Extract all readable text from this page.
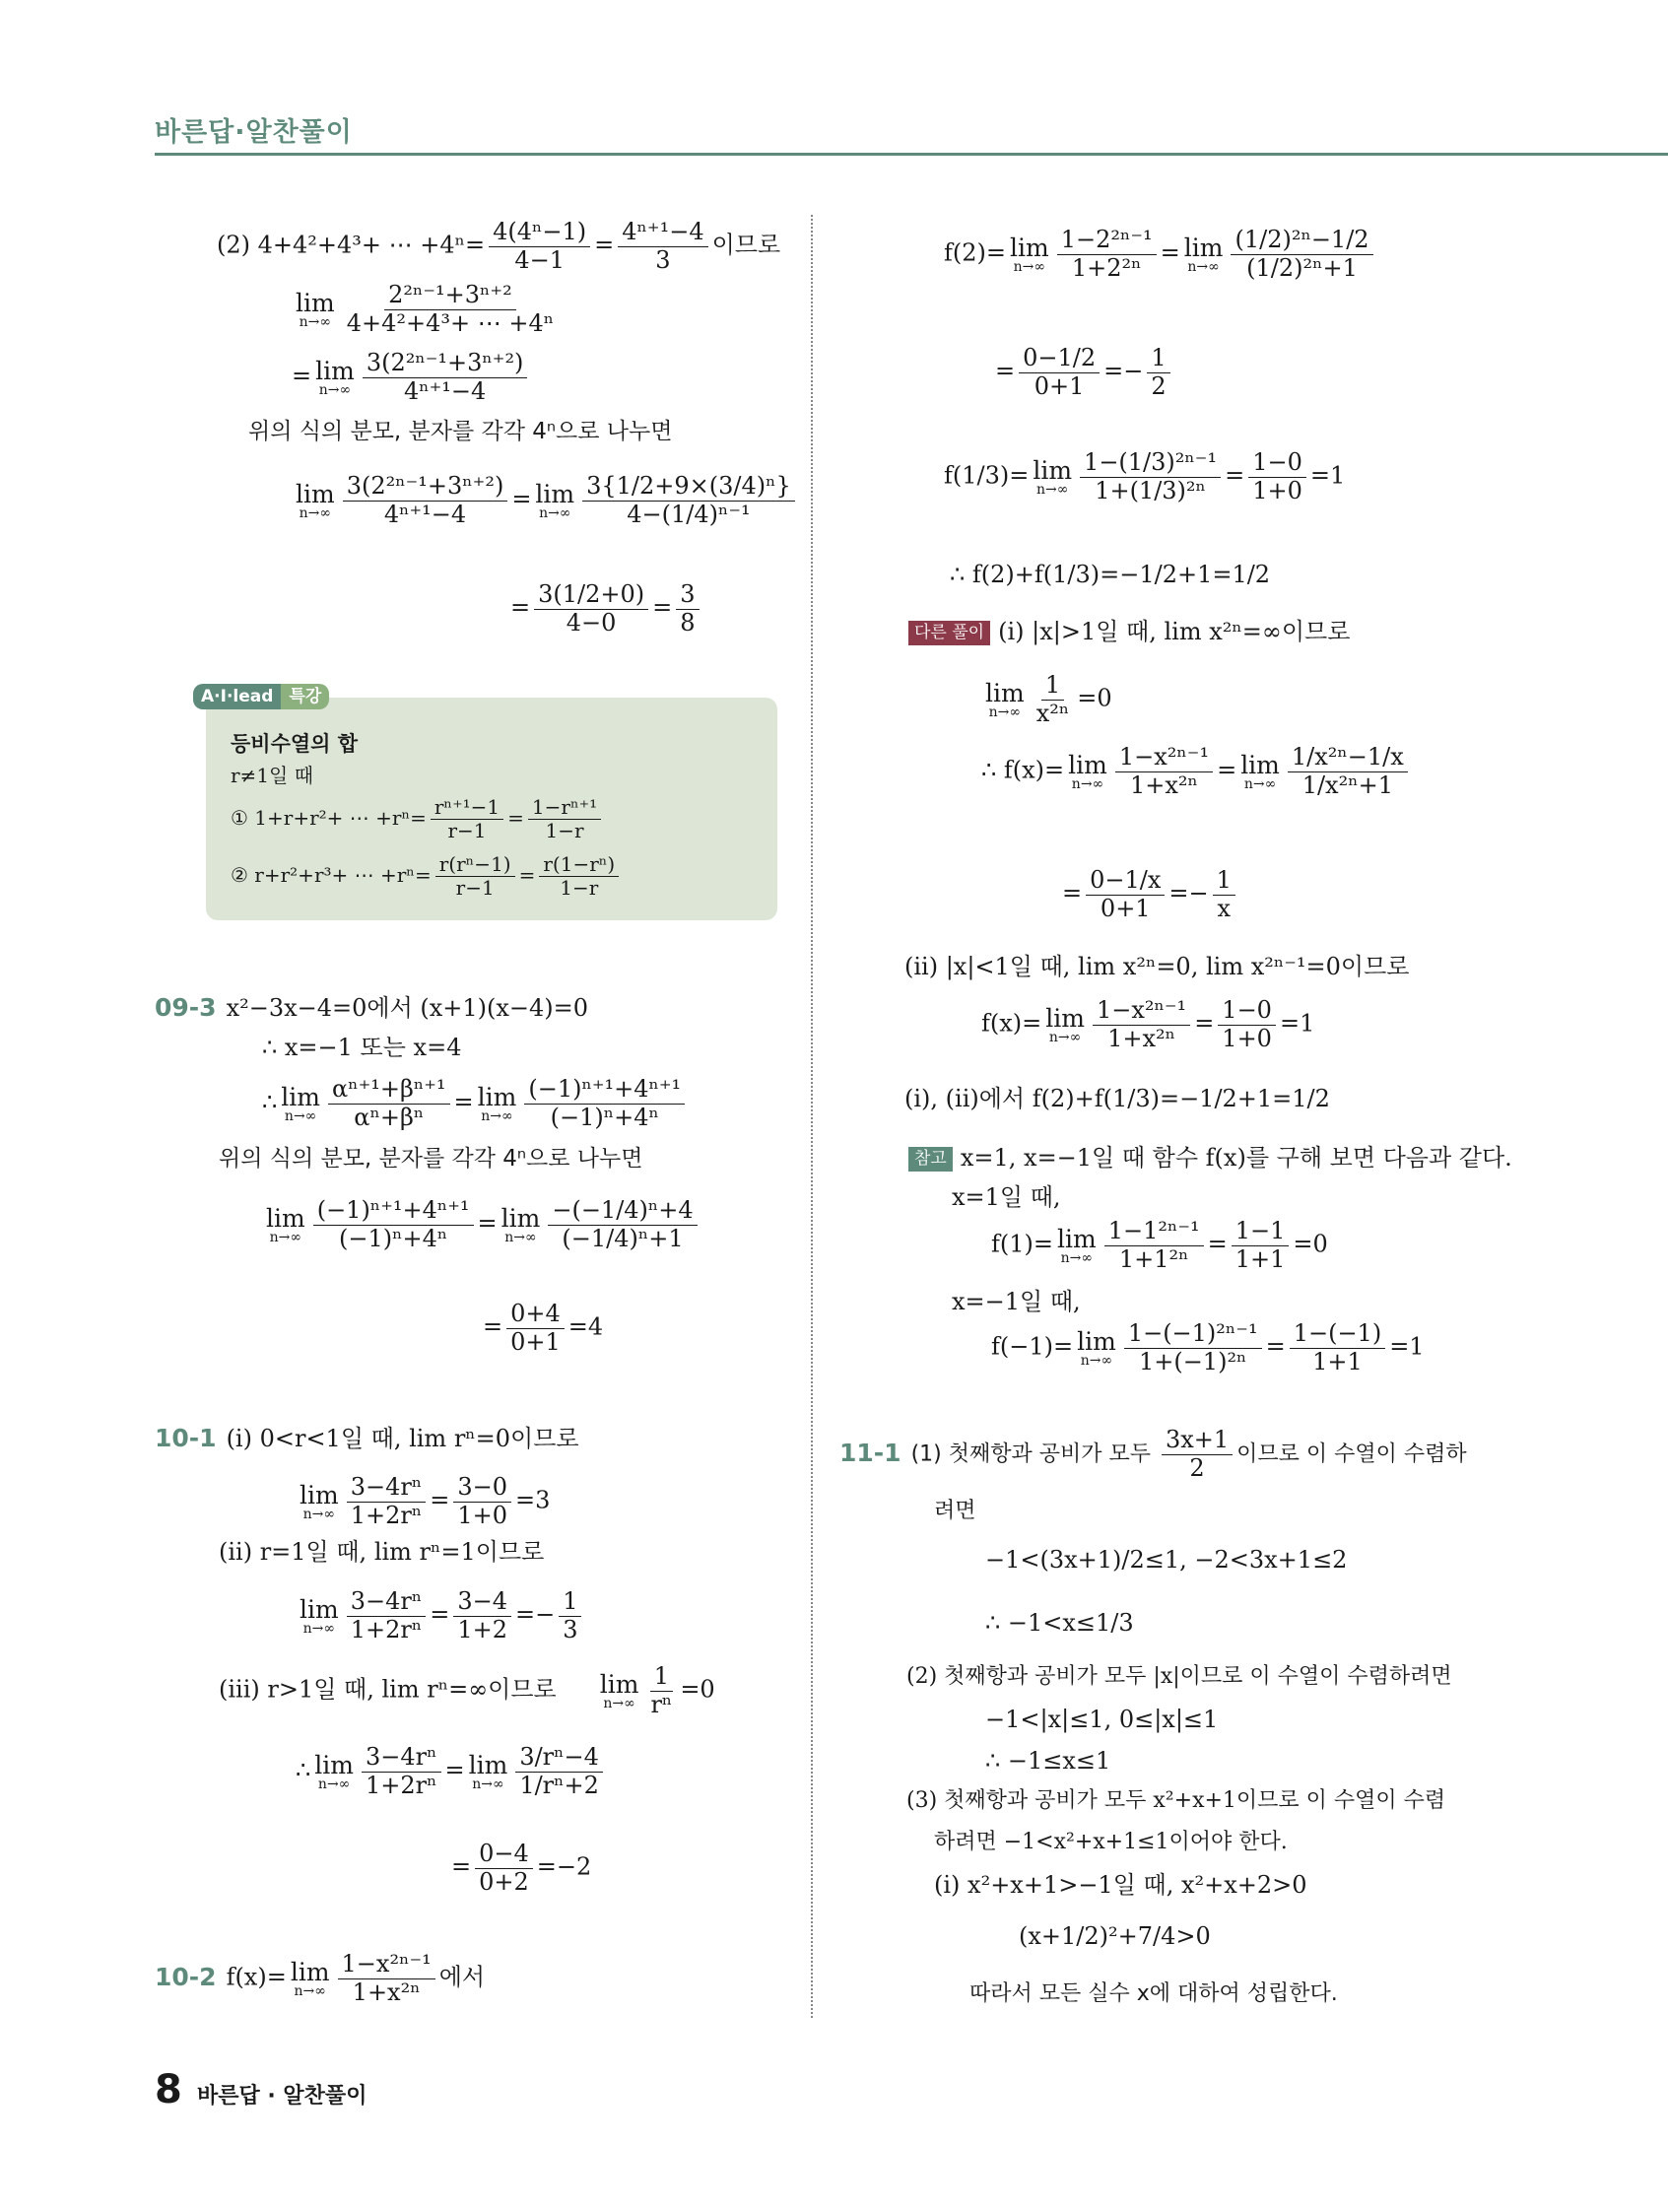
바른답·알찬풀이
(2) 4+4²+4³+ ⋯ $+4^n= \frac{\text{4(4ⁿ−1)}}{4-1} = \frac{\text{4ⁿ⁺¹−4}}{3}$ 이므로
lim
$n\to\infty \frac{\text{2²ⁿ⁻¹+3ⁿ⁺²}}{\text{4+4²+4³+ ⋯ +4ⁿ}}$
= lim
$n\to\infty \frac{\text{3(2²ⁿ⁻¹+3ⁿ⁺²)}}{\text{4ⁿ⁺¹−4}}$
위의 식의 분모, 분자를 각각 4ⁿ으로 나누면
lim
$n\to\infty \frac{\text{3(2²ⁿ⁻¹+3ⁿ⁺²)}}{\text{4ⁿ⁺¹−4}} = \lim$
$n\to\infty \frac{\text{3\{1/2+9×(3/4)ⁿ\}}}{\text{4−(1/4)ⁿ⁻¹}}$
= $\frac{3(1/2+0)}{4-0} = \frac{3}{8}$
A·I·lead 특강
등비수열의 합
r≠1일 때
① 1+r+r²+ ⋯ $+r^n= \frac{\text{rⁿ⁺¹−1}}{r-1} = \frac{\text{1−rⁿ⁺¹}}{1-r}$
② r+r²+r³+ ⋯ $+r^n= \frac{\text{r(rⁿ−1)}}{r-1} = \frac{\text{r(1−rⁿ)}}{1-r}$
09-3 x²−3x−4=0에서 (x+1)(x−4)=0
∴ x=−1 또는 x=4
∴ lim
$n\to\infty \frac{\text{αⁿ⁺¹+βⁿ⁺¹}}{\text{αⁿ+βⁿ}} = \lim$
$n\to\infty \frac{\text{(−1)ⁿ⁺¹+4ⁿ⁺¹}}{\text{(−1)ⁿ+4ⁿ}}$
위의 식의 분모, 분자를 각각 4ⁿ으로 나누면
lim
$n\to\infty \frac{\text{(−1)ⁿ⁺¹+4ⁿ⁺¹}}{\text{(−1)ⁿ+4ⁿ}} = \lim$
$n\to\infty \frac{\text{−(−1/4)ⁿ+4}}{\text{(−1/4)ⁿ+1}}$
= $\frac{0+4}{0+1} =4$
10-1 (i) 0<r<1일 때, lim rⁿ=0이므로
lim
$n\to\infty \frac{\text{3−4rⁿ}}{\text{1+2rⁿ}} = \frac{3-0}{1+0} =3$
(ii) r=1일 때, lim rⁿ=1이므로
lim
$n\to\infty \frac{\text{3−4rⁿ}}{\text{1+2rⁿ}} = \frac{3-4}{1+2} =- \frac{1}{3}$
(iii) r>1일 때, lim rⁿ=∞이므로 lim
$n\to\infty \frac{1}{\text{rⁿ}} =0$
∴ lim
$n\to\infty \frac{\text{3−4rⁿ}}{\text{1+2rⁿ}} = \lim$
$n\to\infty \frac{\text{3/rⁿ−4}}{\text{1/rⁿ+2}}$
= $\frac{0-4}{0+2} =-2$
10-2 f(x)= lim
$n\to\infty \frac{\text{1−x²ⁿ⁻¹}}{\text{1+x²ⁿ}}$ 에서
f(2)= lim
$n\to\infty \frac{\text{1−2²ⁿ⁻¹}}{\text{1+2²ⁿ}} = \lim$
$n\to\infty \frac{\text{(1/2)²ⁿ−1/2}}{\text{(1/2)²ⁿ+1}}$
= $\frac{0-1/2}{0+1} =- \frac{1}{2}$
f(1/3)= lim
$n\to\infty \frac{\text{1−(1/3)²ⁿ⁻¹}}{\text{1+(1/3)²ⁿ}} = \frac{1-0}{1+0} =1$
∴ f(2)+f(1/3)=−1/2+1=1/2
다른 풀이 (i) |x|>1일 때, lim x²ⁿ=∞이므로
lim
$n\to\infty \frac{1}{\text{x²ⁿ}} =0$
∴ f(x)= lim
$n\to\infty \frac{\text{1−x²ⁿ⁻¹}}{\text{1+x²ⁿ}} = \lim$
$n\to\infty \frac{\text{1/x²ⁿ−1/x}}{\text{1/x²ⁿ+1}}$
= $\frac{0-1/x}{0+1} =- \frac{1}{x}$
(ii) |x|<1일 때, lim x²ⁿ=0, lim x²ⁿ⁻¹=0이므로
f(x)= lim
$n\to\infty \frac{\text{1−x²ⁿ⁻¹}}{\text{1+x²ⁿ}} = \frac{1-0}{1+0} =1$
(i), (ii)에서 f(2)+f(1/3)=−1/2+1=1/2
참고 x=1, x=−1일 때 함수 f(x)를 구해 보면 다음과 같다.
x=1일 때,
f(1)= lim
$n\to\infty \frac{\text{1−1²ⁿ⁻¹}}{\text{1+1²ⁿ}} = \frac{1-1}{1+1} =0$
x=−1일 때,
f(−1)= lim
$n\to\infty \frac{\text{1−(−1)²ⁿ⁻¹}}{\text{1+(−1)²ⁿ}} = \frac{1-(-1)}{1+1} =1$
11-1 (1) 첫째항과 공비가 모두 $\frac{3x+1}{2}$ 이므로 이 수열이 수렴하
려면
−1<(3x+1)/2≤1, −2<3x+1≤2
∴ −1<x≤1/3
(2) 첫째항과 공비가 모두 |x|이므로 이 수열이 수렴하려면
−1<|x|≤1, 0≤|x|≤1
∴ −1≤x≤1
(3) 첫째항과 공비가 모두 x²+x+1이므로 이 수열이 수렴
하려면 −1<x²+x+1≤1이어야 한다.
(i) x²+x+1>−1일 때, x²+x+2>0
(x+1/2)²+7/4>0
따라서 모든 실수 x에 대하여 성립한다.
8 바른답 · 알찬풀이
